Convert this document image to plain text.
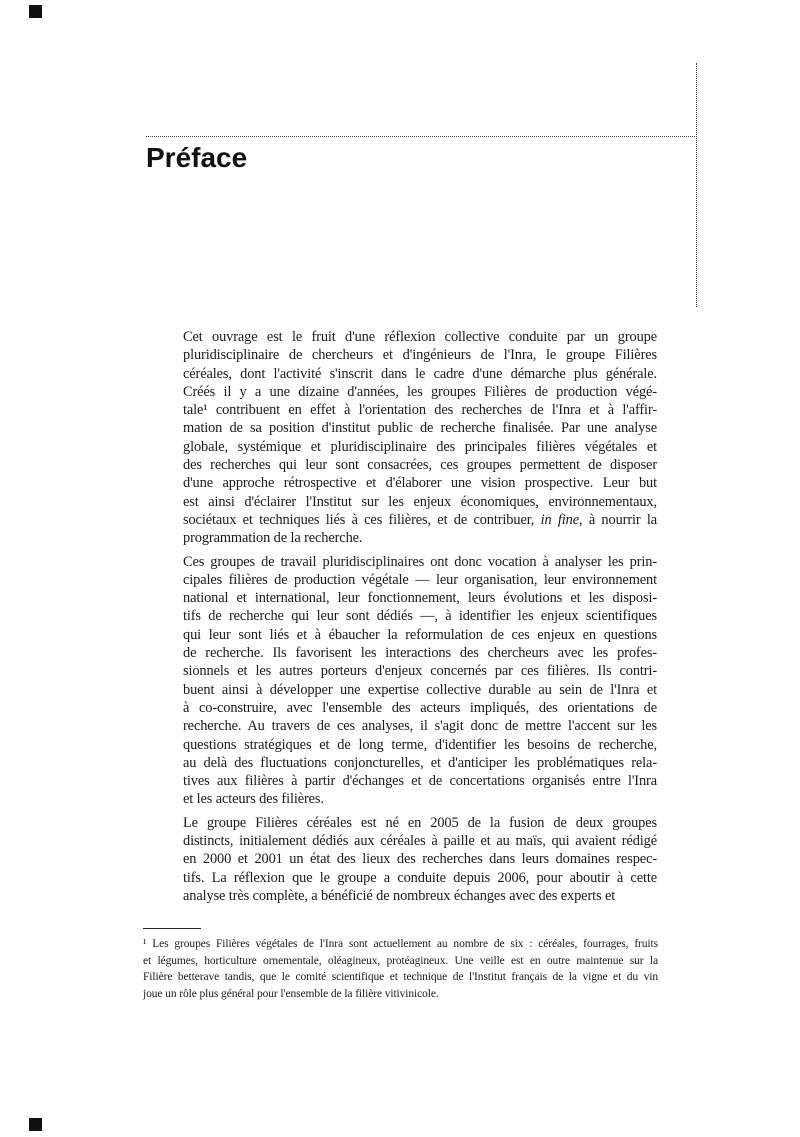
Préface
Cet ouvrage est le fruit d'une réflexion collective conduite par un groupe
pluridisciplinaire de chercheurs et d'ingénieurs de l'Inra, le groupe Filières
céréales, dont l'activité s'inscrit dans le cadre d'une démarche plus générale.
Créés il y a une dizaine d'années, les groupes Filières de production végé-
tale¹ contribuent en effet à l'orientation des recherches de l'Inra et à l'affir-
mation de sa position d'institut public de recherche finalisée. Par une analyse
globale, systémique et pluridisciplinaire des principales filières végétales et
des recherches qui leur sont consacrées, ces groupes permettent de disposer
d'une approche rétrospective et d'élaborer une vision prospective. Leur but
est ainsi d'éclairer l'Institut sur les enjeux économiques, environnementaux,
sociétaux et techniques liés à ces filières, et de contribuer, in fine, à nourrir la
programmation de la recherche.
Ces groupes de travail pluridisciplinaires ont donc vocation à analyser les prin-
cipales filières de production végétale — leur organisation, leur environnement
national et international, leur fonctionnement, leurs évolutions et les disposi-
tifs de recherche qui leur sont dédiés —, à identifier les enjeux scientifiques
qui leur sont liés et à ébaucher la reformulation de ces enjeux en questions
de recherche. Ils favorisent les interactions des chercheurs avec les profes-
sionnels et les autres porteurs d'enjeux concernés par ces filières. Ils contri-
buent ainsi à développer une expertise collective durable au sein de l'Inra et
à co-construire, avec l'ensemble des acteurs impliqués, des orientations de
recherche. Au travers de ces analyses, il s'agit donc de mettre l'accent sur les
questions stratégiques et de long terme, d'identifier les besoins de recherche,
au delà des fluctuations conjoncturelles, et d'anticiper les problématiques rela-
tives aux filières à partir d'échanges et de concertations organisés entre l'Inra
et les acteurs des filières.
Le groupe Filières céréales est né en 2005 de la fusion de deux groupes
distincts, initialement dédiés aux céréales à paille et au maïs, qui avaient rédigé
en 2000 et 2001 un état des lieux des recherches dans leurs domaines respec-
tifs. La réflexion que le groupe a conduite depuis 2006, pour aboutir à cette
analyse très complète, a bénéficié de nombreux échanges avec des experts et
¹ Les groupes Filières végétales de l'Inra sont actuellement au nombre de six : céréales, fourrages, fruits
et légumes, horticulture ornementale, oléagineux, protéagineux. Une veille est en outre maintenue sur la
Filière betterave tandis, que le comité scientifique et technique de l'Institut français de la vigne et du vin
joue un rôle plus général pour l'ensemble de la filière vitivinicole.
